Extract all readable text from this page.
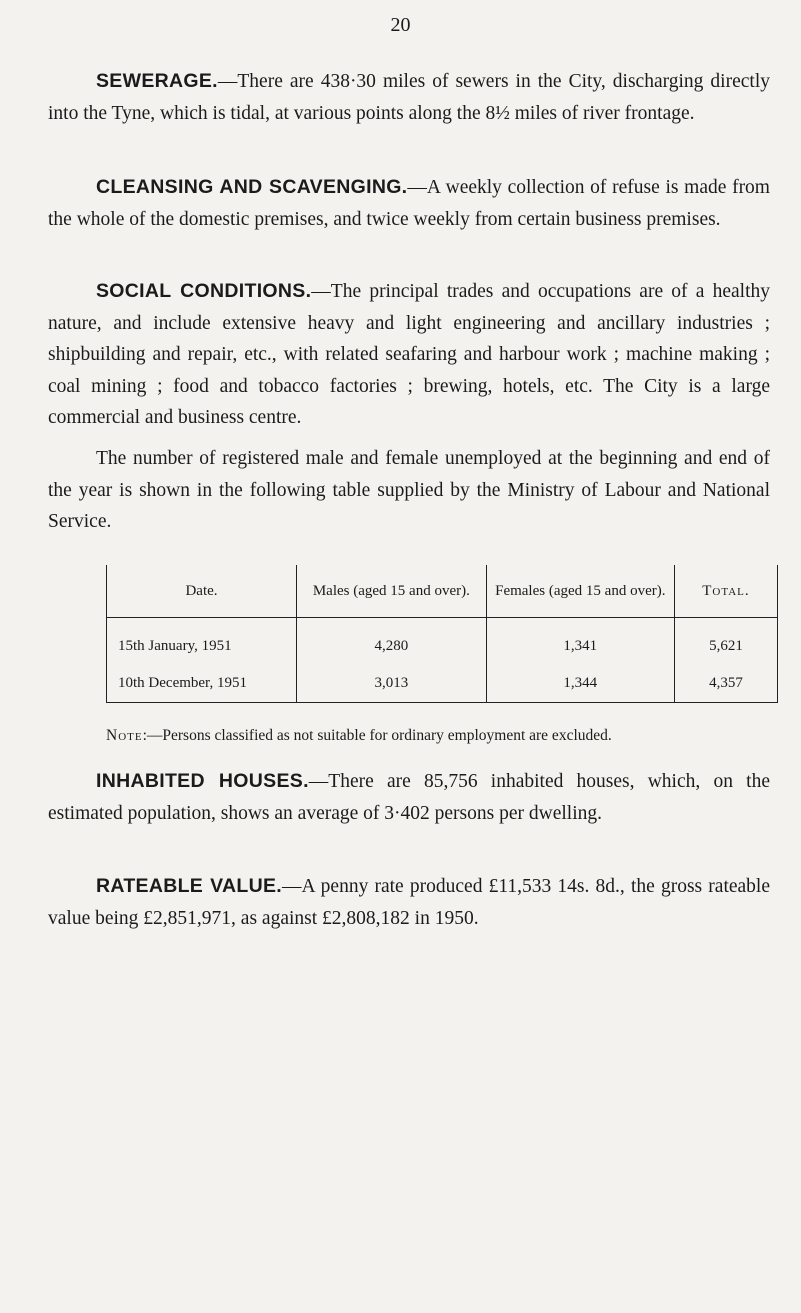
20

SEWERAGE.—There are 438·30 miles of sewers in the City, discharging directly into the Tyne, which is tidal, at various points along the 8½ miles of river frontage.

CLEANSING AND SCAVENGING.—A weekly collection of refuse is made from the whole of the domestic premises, and twice weekly from certain business premises.

SOCIAL CONDITIONS.—The principal trades and occupations are of a healthy nature, and include extensive heavy and light engineering and ancillary industries ; shipbuilding and repair, etc., with related seafaring and harbour work ; machine making ; coal mining ; food and tobacco factories ; brewing, hotels, etc. The City is a large commercial and business centre.

The number of registered male and female unemployed at the beginning and end of the year is shown in the following table supplied by the Ministry of Labour and National Service.

Date.	Males (aged 15 and over).	Females (aged 15 and over).	Total.
15th January, 1951	4,280	1,341	5,621
10th December, 1951	3,013	1,344	4,357

Note:—Persons classified as not suitable for ordinary employment are excluded.

INHABITED HOUSES.—There are 85,756 inhabited houses, which, on the estimated population, shows an average of 3·402 persons per dwelling.

RATEABLE VALUE.—A penny rate produced £11,533 14s. 8d., the gross rateable value being £2,851,971, as against £2,808,182 in 1950.
